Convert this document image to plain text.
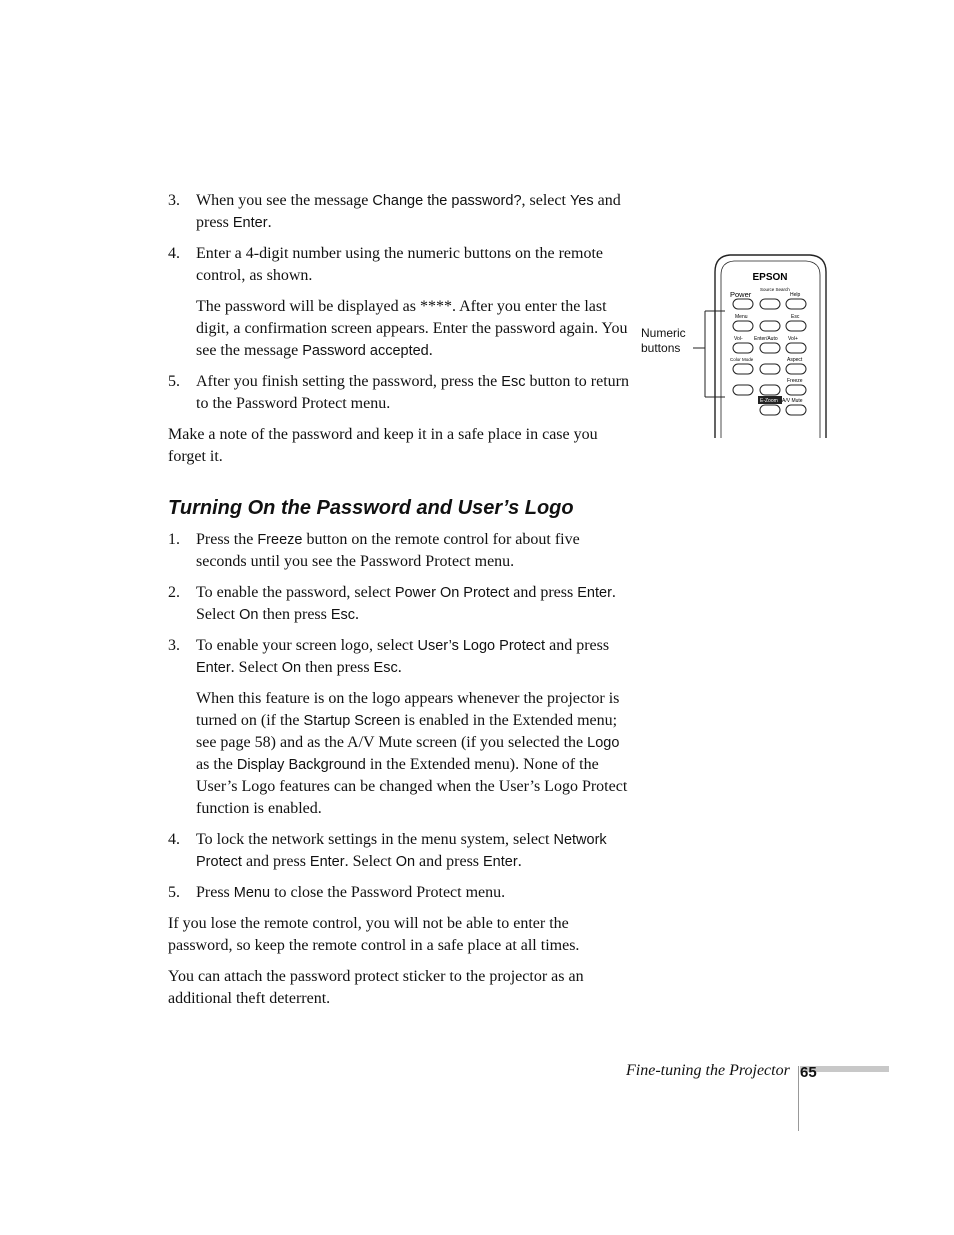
3. When you see the message Change the password?, select Yes and press Enter.
4. Enter a 4-digit number using the numeric buttons on the remote control, as shown.
The password will be displayed as ****. After you enter the last digit, a confirmation screen appears. Enter the password again. You see the message Password accepted.
5. After you finish setting the password, press the Esc button to return to the Password Protect menu.

Make a note of the password and keep it in a safe place in case you forget it.

Turning On the Password and User’s Logo
1. Press the Freeze button on the remote control for about five seconds until you see the Password Protect menu.
2. To enable the password, select Power On Protect and press Enter. Select On then press Esc.
3. To enable your screen logo, select User’s Logo Protect and press Enter. Select On then press Esc.
When this feature is on the logo appears whenever the projector is turned on (if the Startup Screen is enabled in the Extended menu; see page 58) and as the A/V Mute screen (if you selected the Logo as the Display Background in the Extended menu). None of the User’s Logo features can be changed when the User’s Logo Protect function is enabled.
4. To lock the network settings in the menu system, select Network Protect and press Enter. Select On and press Enter.
5. Press Menu to close the Password Protect menu.

If you lose the remote control, you will not be able to enter the password, so keep the remote control in a safe place at all times.

You can attach the password protect sticker to the projector as an additional theft deterrent.

EPSON
Power
Source Search
Help
Menu	Esc
Vol- Enter/Auto Vol+
Color Mode	Aspect
Freeze
E-Zoom A/V Mute
Numeric buttons
Fine-tuning the Projector 65
